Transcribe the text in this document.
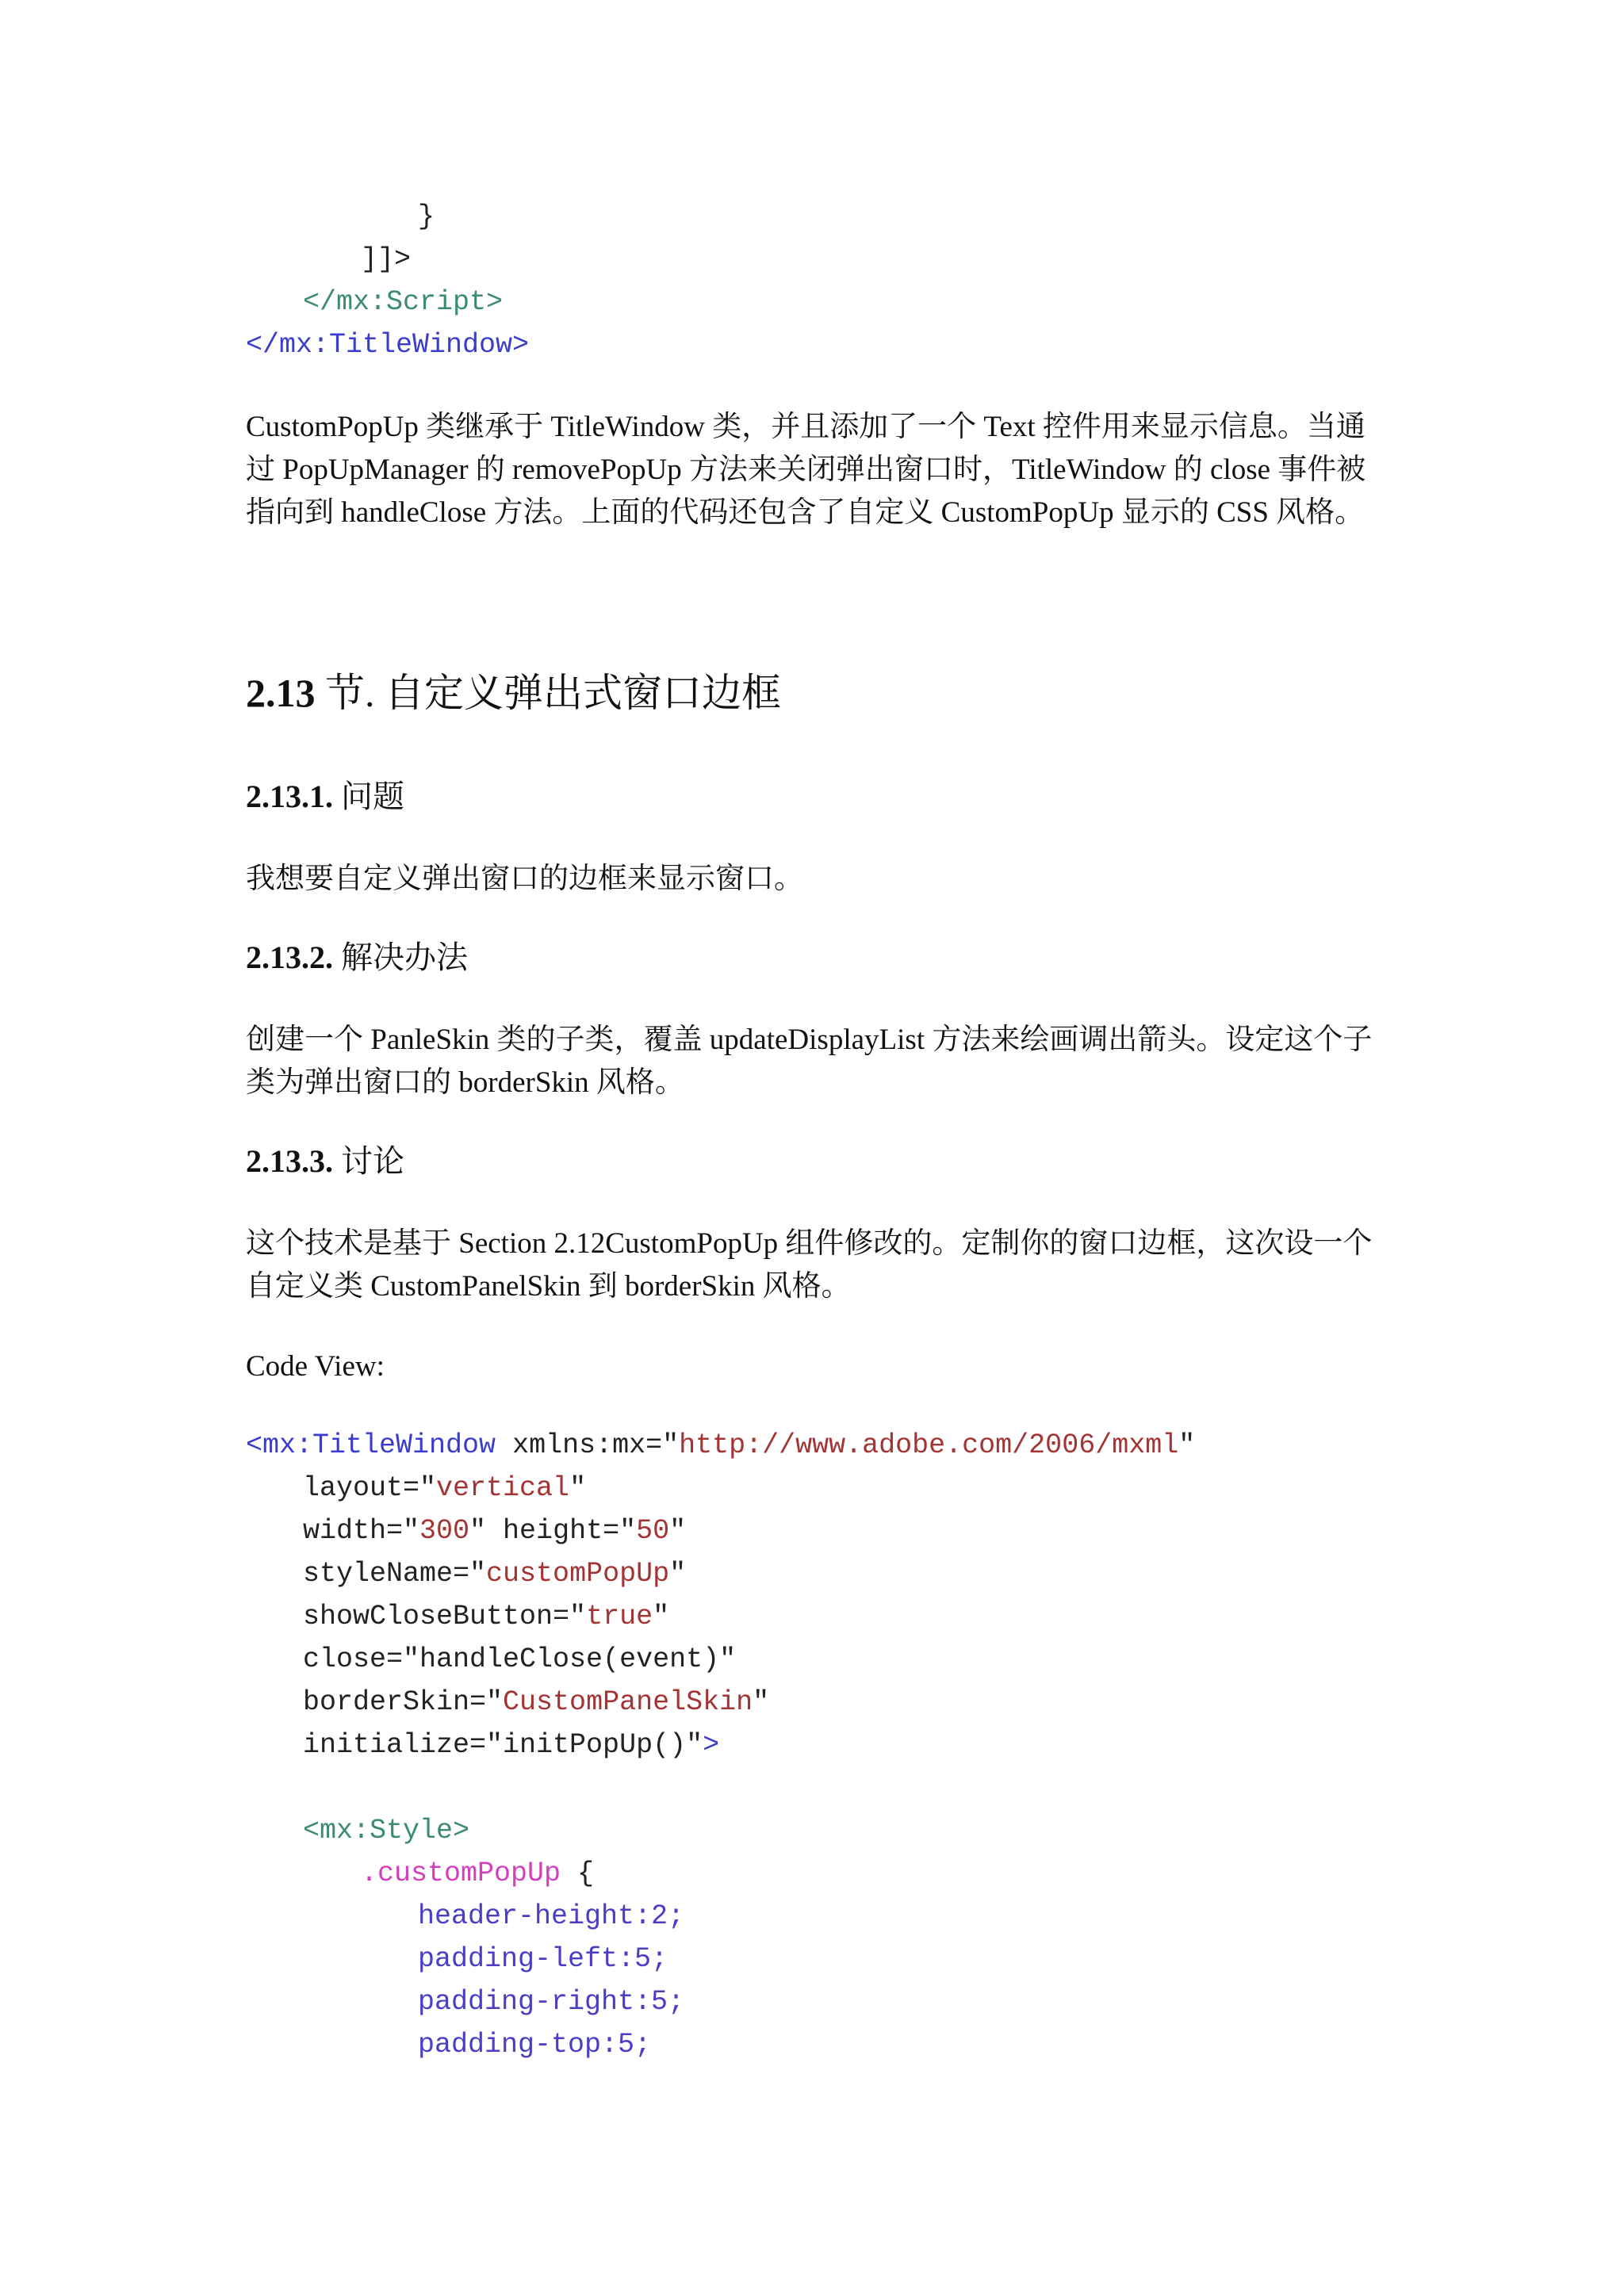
}
]]>
</mx:Script>
</mx:TitleWindow>
CustomPopUp 类继承于 TitleWindow 类，并且添加了一个 Text 控件用来显示信息。当通过 PopUpManager 的 removePopUp 方法来关闭弹出窗口时，TitleWindow 的 close 事件被指向到 handleClose 方法。上面的代码还包含了自定义 CustomPopUp 显示的 CSS 风格。
2.13 节. 自定义弹出式窗口边框
2.13.1. 问题
我想要自定义弹出窗口的边框来显示窗口。
2.13.2. 解决办法
创建一个 PanleSkin 类的子类，覆盖 updateDisplayList 方法来绘画调出箭头。设定这个子类为弹出窗口的 borderSkin 风格。
2.13.3. 讨论
这个技术是基于 Section 2.12CustomPopUp 组件修改的。定制你的窗口边框，这次设一个自定义类 CustomPanelSkin 到 borderSkin 风格。
Code View:
<mx:TitleWindow xmlns:mx="http://www.adobe.com/2006/mxml"
layout="vertical"
width="300" height="50"
styleName="customPopUp"
showCloseButton="true"
close="handleClose(event)"
borderSkin="CustomPanelSkin"
initialize="initPopUp()">
<mx:Style>
.customPopUp {
header-height:2;
padding-left:5;
padding-right:5;
padding-top:5;
